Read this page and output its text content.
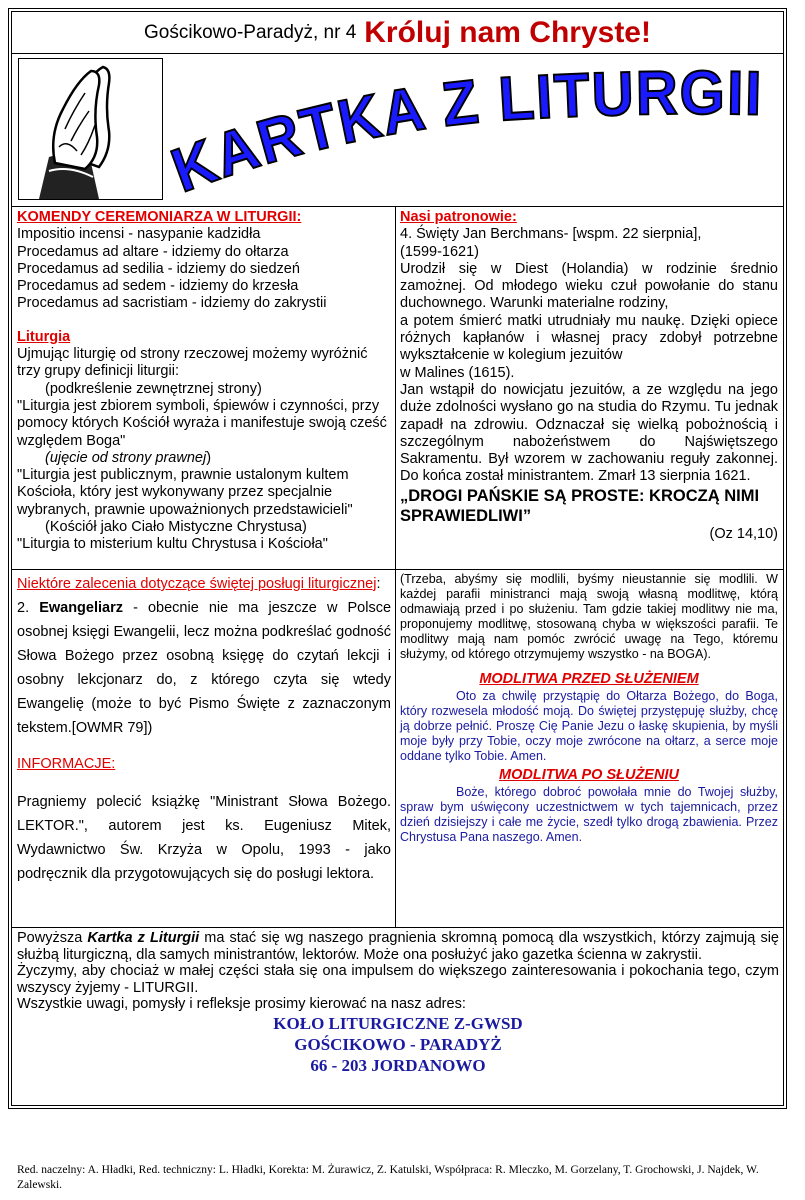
Gościkowo-Paradyż, nr 4 Króluj nam Chryste!
KARTKA Z LITURGII
KOMENDY CEREMONIARZA W LITURGII:
Impositio incensi - nasypanie kadzidła
Procedamus ad altare - idziemy do ołtarza
Procedamus ad sedilia - idziemy do siedzeń
Procedamus ad sedem - idziemy do krzesła
Procedamus ad sacristiam - idziemy do zakrystii
Liturgia
Ujmując liturgię od strony rzeczowej możemy wyróżnić trzy grupy definicji liturgii:
(podkreślenie zewnętrznej strony)
"Liturgia jest zbiorem symboli, śpiewów i czynności, przy pomocy których Kościół wyraża i manifestuje swoją cześć względem Boga"
(ujęcie od strony prawnej)
"Liturgia jest publicznym, prawnie ustalonym kultem Kościoła, który jest wykonywany przez specjalnie wybranych, prawnie upoważnionych przedstawicieli"
(Kościół jako Ciało Mistyczne Chrystusa)
"Liturgia to misterium kultu Chrystusa i Kościoła"
Nasi patronowie:
4. Święty Jan Berchmans- [wspm. 22 sierpnia],
(1599-1621)
Urodził się w Diest (Holandia) w rodzinie średnio zamożnej. Od młodego wieku czuł powołanie do stanu duchownego. Warunki materialne rodziny,
a potem śmierć matki utrudniały mu naukę. Dzięki opiece różnych kapłanów i własnej pracy zdobył potrzebne wykształcenie w kolegium jezuitów
w Malines (1615).
Jan wstąpił do nowicjatu jezuitów, a ze względu na jego duże zdolności wysłano go na studia do Rzymu. Tu jednak zapadł na zdrowiu. Odznaczał się wielką pobożnością i szczególnym nabożeństwem do Najświętszego Sakramentu. Był wzorem w zachowaniu reguły zakonnej. Do końca został ministrantem. Zmarł 13 sierpnia 1621.
„DROGI PAŃSKIE SĄ PROSTE: KROCZĄ NIMI SPRAWIEDLIWI”
(Oz 14,10)
Niektóre zalecenia dotyczące świętej posługi liturgicznej:
2. Ewangeliarz - obecnie nie ma jeszcze w Polsce osobnej księgi Ewangelii, lecz można podkreślać godność Słowa Bożego przez osobną księgę do czytań lekcji i osobny lekcjonarz do, z którego czyta się wtedy Ewangelię (może to być Pismo Święte z zaznaczonym tekstem.[OWMR 79])
INFORMACJE:
Pragniemy polecić książkę "Ministrant Słowa Bożego. LEKTOR.", autorem jest ks. Eugeniusz Mitek, Wydawnictwo Św. Krzyża w Opolu, 1993 - jako podręcznik dla przygotowujących się do posługi lektora.
(Trzeba, abyśmy się modlili, byśmy nieustannie się modlili. W każdej parafii ministranci mają swoją własną modlitwę, którą odmawiają przed i po służeniu. Tam gdzie takiej modlitwy nie ma, proponujemy modlitwę, stosowaną chyba w większości parafii. Te modlitwy mają nam pomóc zwrócić uwagę na Tego, któremu służymy, od którego otrzymujemy wszystko - na BOGA).
MODLITWA PRZED SŁUŻENIEM
Oto za chwilę przystąpię do Ołtarza Bożego, do Boga, który rozwesela młodość moją. Do świętej przystępuję służby, chcę ją dobrze pełnić. Proszę Cię Panie Jezu o łaskę skupienia, by myśli moje były przy Tobie, oczy moje zwrócone na ołtarz, a serce moje oddane tylko Tobie. Amen.
MODLITWA PO SŁUŻENIU
Boże, którego dobroć powołała mnie do Twojej służby, spraw bym uświęcony uczestnictwem w tych tajemnicach, przez dzień dzisiejszy i całe me życie, szedł tylko drogą zbawienia. Przez Chrystusa Pana naszego. Amen.
Powyższa Kartka z Liturgii ma stać się wg naszego pragnienia skromną pomocą dla wszystkich, którzy zajmują się służbą liturgiczną, dla samych ministrantów, lektorów. Może ona posłużyć jako gazetka ścienna w zakrystii.
Życzymy, aby chociaż w małej części stała się ona impulsem do większego zainteresowania i pokochania tego, czym wszyscy żyjemy - LITURGII.
Wszystkie uwagi, pomysły i refleksje prosimy kierować na nasz adres:
KOŁO LITURGICZNE Z-GWSD
GOŚCIKOWO - PARADYŻ
66 - 203 JORDANOWO
Red. naczelny: A. Hładki, Red. techniczny: L. Hładki, Korekta: M. Żurawicz, Z. Katulski, Współpraca: R. Mleczko, M. Gorzelany, T. Grochowski, J. Najdek, W. Zalewski.
